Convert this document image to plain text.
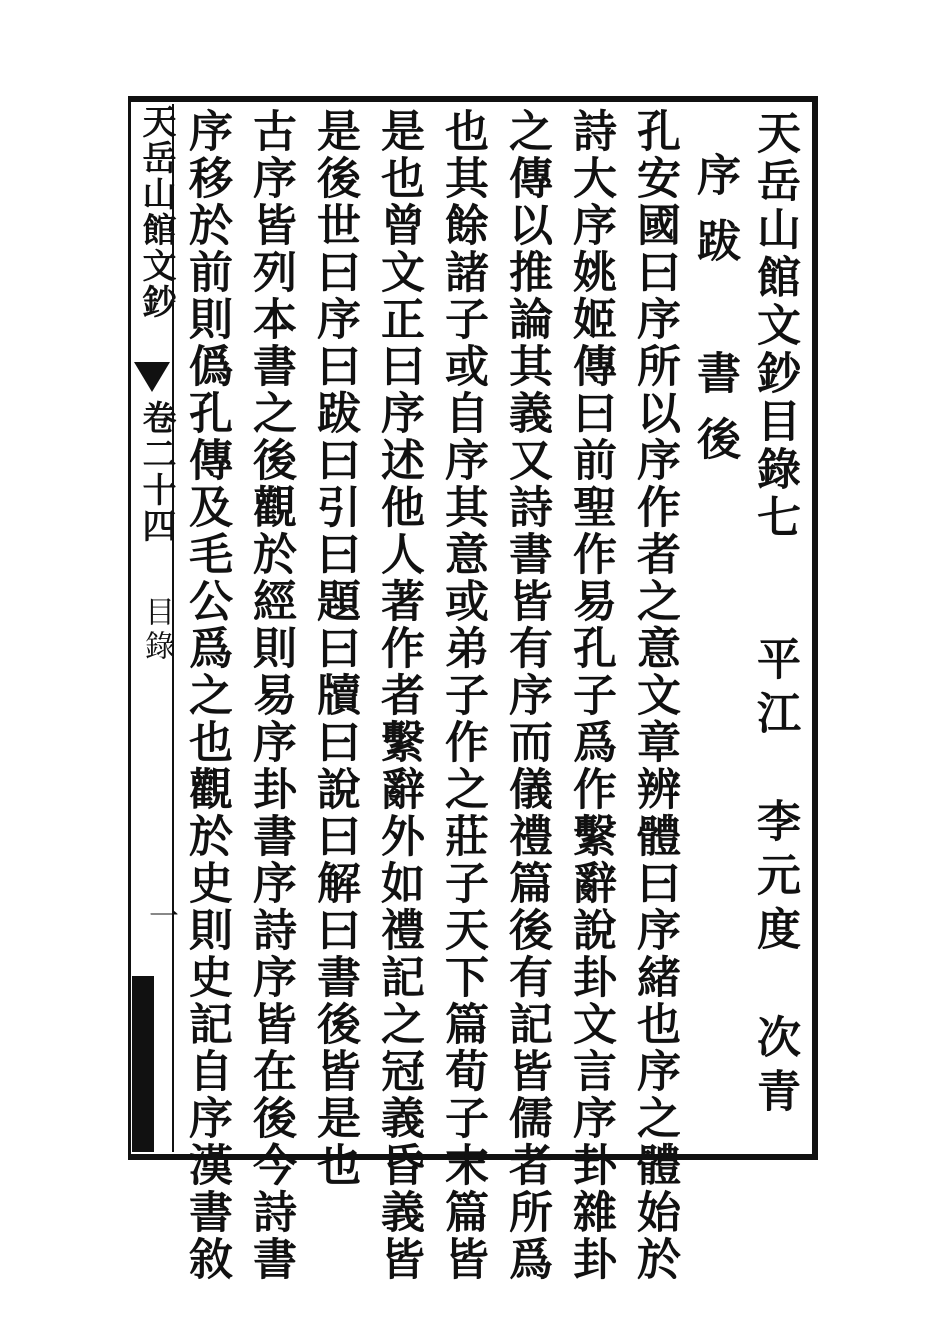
天岳山館文鈔目錄七
平江　李元度　次青
序跋　書後
孔安國曰序所以序作者之意文章辨體曰序緒也序之體始於
詩大序姚姬傳曰前聖作易孔子爲作繫辭說卦文言序卦雜卦
之傳以推論其義又詩書皆有序而儀禮篇後有記皆儒者所爲
也其餘諸子或自序其意或弟子作之莊子天下篇荀子末篇皆
是也曾文正曰序述他人著作者繫辭外如禮記之冠義昏義皆
是後世曰序曰跋曰引曰題曰牘曰說曰解曰書後皆是也
古序皆列本書之後觀於經則易序卦書序詩序皆在後今詩書
序移於前則僞孔傳及毛公爲之也觀於史則史記自序漢書敘
天岳山館文鈔
卷二十四
目錄
一
